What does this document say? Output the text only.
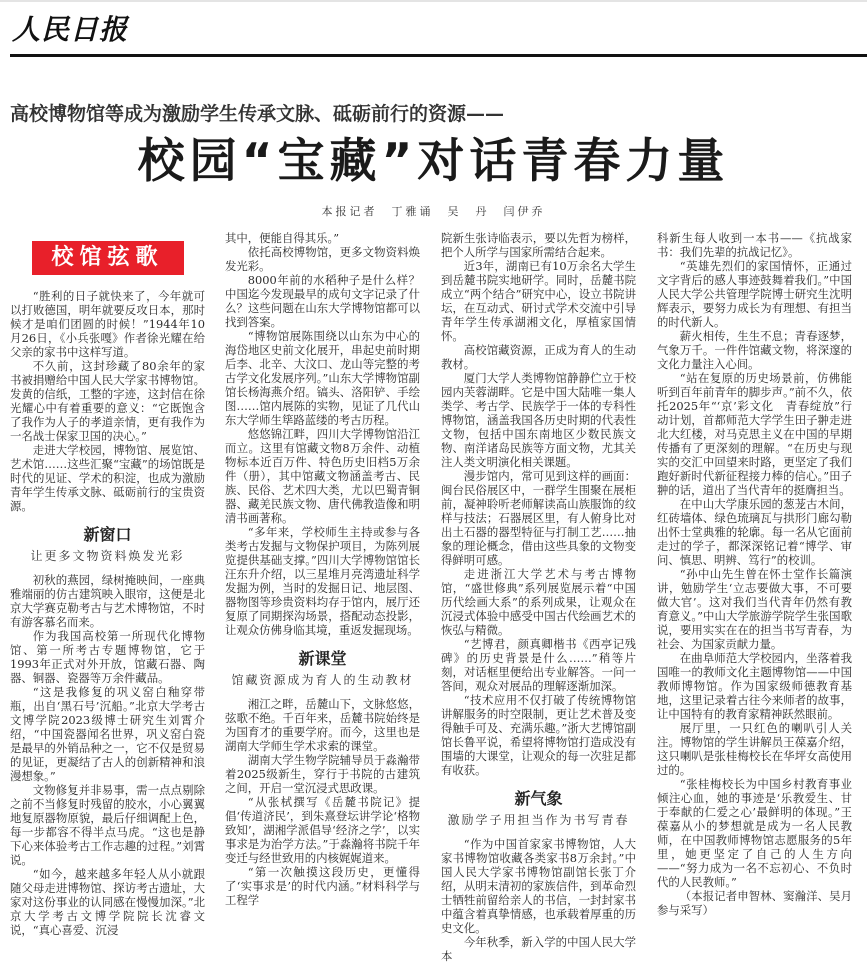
人民日报
高校博物馆等成为激励学生传承文脉、砥砺前行的资源——
校园“宝藏”对话青春力量
本报记者　丁雅诵　吴　丹　闫伊乔
校馆弦歌

“胜利的日子就快来了，今年就可以打败德国，明年就要反攻日本，那时候才是咱们团圆的时候！”1944年10月26日，《小兵张嘎》作者徐光耀在给父亲的家书中这样写道。

不久前，这封珍藏了80余年的家书被捐赠给中国人民大学家书博物馆。发黄的信纸，工整的字迹，这封信在徐光耀心中有着重要的意义：“它既饱含了我作为人子的孝道亲情，更有我作为一名战士保家卫国的决心。”

走进大学校园，博物馆、展览馆、艺术馆……这些汇聚“宝藏”的场馆既是时代的见证、学术的积淀，也成为激励青年学生传承文脉、砥砺前行的宝贵资源。

新窗口
让更多文物资料焕发光彩

初秋的燕园，绿树掩映间，一座典雅端丽的仿古建筑映入眼帘，这便是北京大学赛克勒考古与艺术博物馆，不时有游客慕名而来。

作为我国高校第一所现代化博物馆、第一所考古专题博物馆，它于1993年正式对外开放，馆藏石器、陶器、铜器、瓷器等万余件藏品。

“这是我修复的巩义窑白釉穿带瓶，出自‘黑石号’沉船。”北京大学考古文博学院2023级博士研究生刘霄介绍，“中国瓷器闻名世界，巩义窑白瓷是最早的外销品种之一，它不仅是贸易的见证，更凝结了古人的创新精神和浪漫想象。”

文物修复并非易事，需一点点剔除之前不当修复时残留的胶水，小心翼翼地复原器物原貌，最后仔细调配上色，每一步都容不得半点马虎。“这也是静下心来体验考古工作志趣的过程。”刘霄说。

“如今，越来越多年轻人从小就跟随父母走进博物馆、探访考古遗址，大家对这份事业的认同感在慢慢加深。”北京大学考古文博学院院长沈睿文说，“真心喜爱、沉浸

其中，便能自得其乐。”

依托高校博物馆，更多文物资料焕发光彩。

8000年前的水稻种子是什么样？中国迄今发现最早的成句文字记录了什么？这些问题在山东大学博物馆都可以找到答案。

“博物馆展陈围绕以山东为中心的海岱地区史前文化展开，串起史前时期后李、北辛、大汶口、龙山等完整的考古学文化发展序列。”山东大学博物馆副馆长杨海燕介绍。镐头、洛阳铲、手绘图……馆内展陈的实物，见证了几代山东大学师生筚路蓝缕的考古历程。

悠悠锦江畔，四川大学博物馆沿江而立。这里有馆藏文物8万余件、动植物标本近百万件、特色历史旧档5万余件（册），其中馆藏文物涵盖考古、民族、民俗、艺术四大类，尤以巴蜀青铜器、藏羌民族文物、唐代佛教造像和明清书画著称。

“多年来，学校师生主持或参与各类考古发掘与文物保护项目，为陈列展览提供基础支撑。”四川大学博物馆馆长汪东升介绍，以三星堆月亮湾遗址科学发掘为例，当时的发掘日记、地层图、器物图等珍贵资料均存于馆内，展厅还复原了同期探沟场景，搭配动态投影，让观众仿佛身临其境，重返发掘现场。

新课堂
馆藏资源成为育人的生动教材

湘江之畔，岳麓山下，文脉悠悠，弦歌不绝。千百年来，岳麓书院始终是为国育才的重要学府。而今，这里也是湖南大学师生学术求索的课堂。

湖南大学生物学院辅导员于淼瀚带着2025级新生，穿行于书院的古建筑之间，开启一堂沉浸式思政课。

“从张栻撰写《岳麓书院记》提倡‘传道济民’，到朱熹登坛讲学论‘格物致知’，湖湘学派倡导‘经济之学’，以实事求是为治学方法。”于淼瀚将书院千年变迁与经世致用的内核娓娓道来。

“第一次触摸这段历史，更懂得了‘实事求是’的时代内涵。”材料科学与工程学

院新生张诗临表示，要以先哲为榜样，把个人所学与国家所需结合起来。

近3年，湖南已有10万余名大学生到岳麓书院实地研学。同时，岳麓书院成立“两个结合”研究中心，设立书院讲坛，在互动式、研讨式学术交流中引导青年学生传承湖湘文化，厚植家国情怀。

高校馆藏资源，正成为育人的生动教材。

厦门大学人类博物馆静静伫立于校园内芙蓉湖畔。它是中国大陆唯一集人类学、考古学、民族学于一体的专科性博物馆，涵盖我国各历史时期的代表性文物，包括中国东南地区少数民族文物、南洋诸岛民族等方面文物，尤其关注人类文明演化相关课题。

漫步馆内，常可见到这样的画面：闽台民俗展区中，一群学生围聚在展柜前，凝神聆听老师解读高山族服饰的纹样与技法；石器展区里，有人俯身比对出土石器的器型特征与打制工艺……抽象的理论概念，借由这些具象的文物变得鲜明可感。

走进浙江大学艺术与考古博物馆，“盛世修典”系列展览展示着“中国历代绘画大系”的系列成果，让观众在沉浸式体验中感受中国古代绘画艺术的恢弘与精微。

“艺博君，颜真卿楷书《西亭记残碑》的历史背景是什么……”稍等片刻，对话框里便给出专业解答。一问一答间，观众对展品的理解逐渐加深。

“技术应用不仅打破了传统博物馆讲解服务的时空限制，更让艺术普及变得触手可及、充满乐趣。”浙大艺博馆副馆长鲁平说，希望将博物馆打造成没有围墙的大课堂，让观众的每一次驻足都有收获。

新气象
激励学子用担当作为书写青春

“作为中国首家家书博物馆，人大家书博物馆收藏各类家书8万余封。”中国人民大学家书博物馆副馆长张丁介绍，从明末清初的家族信件，到革命烈士牺牲前留给亲人的书信，一封封家书中蕴含着真挚情感，也承载着厚重的历史文化。

今年秋季，新入学的中国人民大学本

科新生每人收到一本书——《抗战家书：我们先辈的抗战记忆》。

“英雄先烈们的家国情怀，正通过文字背后的感人事迹鼓舞着我们。”中国人民大学公共管理学院博士研究生沈明辉表示，要努力成长为有理想、有担当的时代新人。

薪火相传，生生不息；青春逐梦，气象万千。一件件馆藏文物，将深邃的文化力量注入心间。

“站在复原的历史场景前，仿佛能听到百年前青年的脚步声。”前不久，依托2025年“‘京’彩文化　青春绽放”行动计划，首都师范大学学生田子翀走进北大红楼，对马克思主义在中国的早期传播有了更深刻的理解。“在历史与现实的交汇中回望来时路，更坚定了我们跑好新时代新征程接力棒的信心。”田子翀的话，道出了当代青年的挺膺担当。

在中山大学康乐园的葱茏古木间，红砖墙体、绿色琉璃瓦与拱形门廊勾勒出怀士堂典雅的轮廓。每一名从它面前走过的学子，都深深铭记着“博学、审问、慎思、明辨、笃行”的校训。

“孙中山先生曾在怀士堂作长篇演讲，勉励学生‘立志要做大事，不可要做大官’。这对我们当代青年仍然有教育意义。”中山大学旅游学院学生张国歌说，要用实实在在的担当书写青春，为社会、为国家贡献力量。

在曲阜师范大学校园内，坐落着我国唯一的教师文化主题博物馆——中国教师博物馆。作为国家级师德教育基地，这里记录着古往今来师者的故事，让中国特有的教育家精神跃然眼前。

展厅里，一只红色的喇叭引人关注。博物馆的学生讲解员王葆嘉介绍，这只喇叭是张桂梅校长在华坪女高使用过的。

“张桂梅校长为中国乡村教育事业倾注心血，她的事迹是‘乐教爱生、甘于奉献的仁爱之心’最鲜明的体现。”王葆嘉从小的梦想就是成为一名人民教师，在中国教师博物馆志愿服务的5年里，她更坚定了自己的人生方向——“努力成为一名不忘初心、不负时代的人民教师。”

（本报记者申智林、窦瀚洋、吴月参与采写）
